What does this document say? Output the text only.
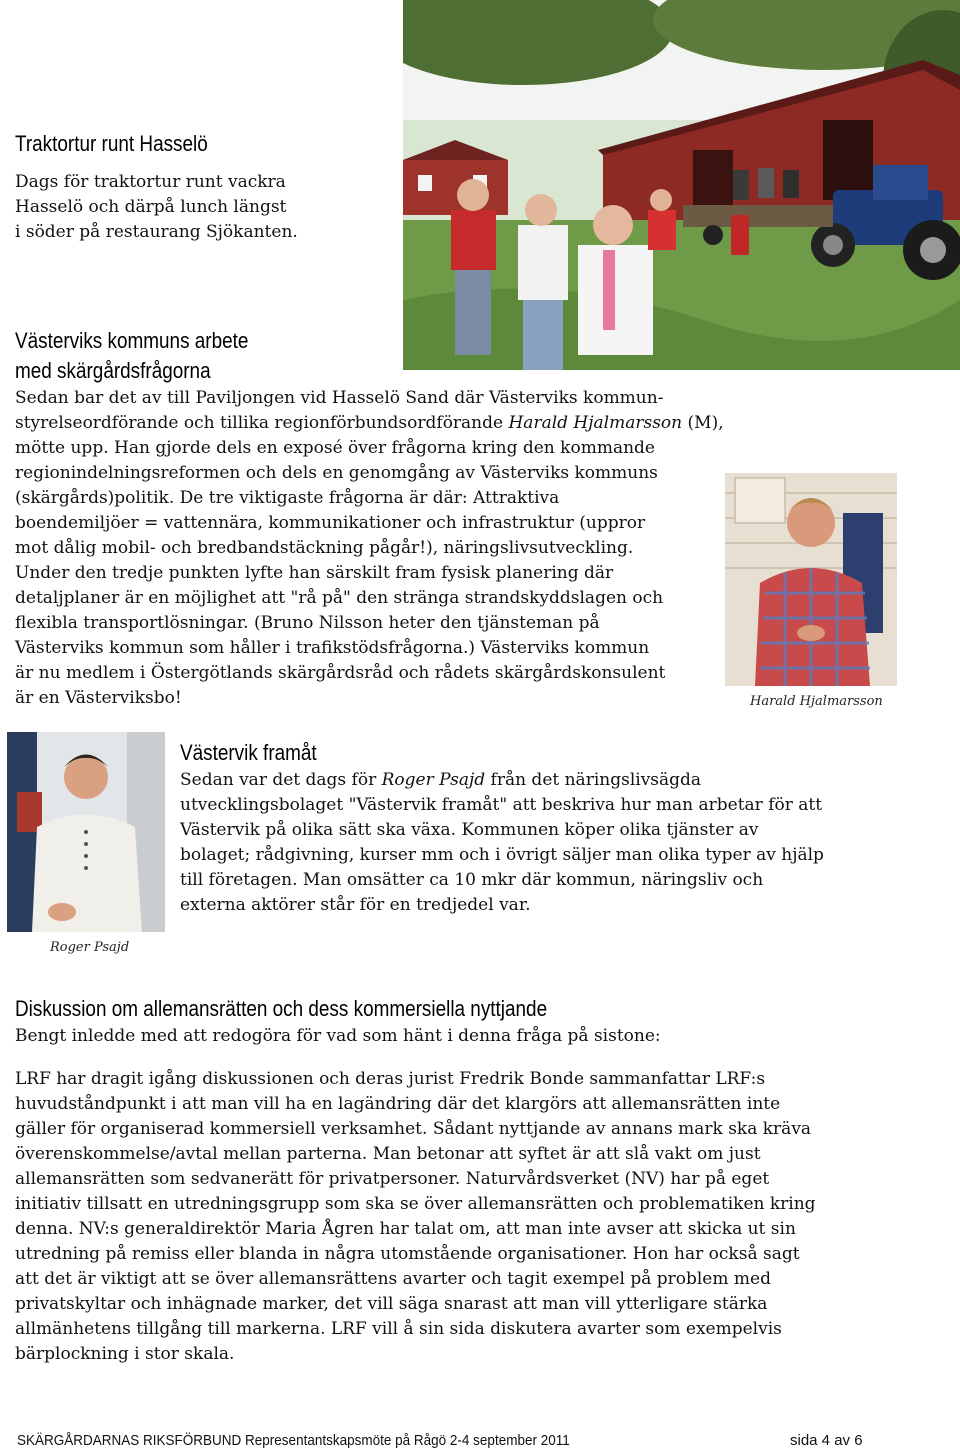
Traktortur runt Hasselö
Dags för traktortur runt vackra
Hasselö och därpå lunch längst
i söder på restaurang Sjökanten.
Västerviks kommuns arbete
med skärgårdsfrågorna
Sedan bar det av till Paviljongen vid Hasselö Sand där Västerviks kommun-
styrelseordförande och tillika regionförbundsordförande Harald Hjalmarsson (M),
mötte upp. Han gjorde dels en exposé över frågorna kring den kommande
regionindelningsreformen och dels en genomgång av Västerviks kommuns
(skärgårds)politik. De tre viktigaste frågorna är där: Attraktiva
boendemiljöer = vattennära, kommunikationer och infrastruktur (uppror
mot dålig mobil- och bredbandstäckning pågår!), näringslivsutveckling.
Under den tredje punkten lyfte han särskilt fram fysisk planering där
detaljplaner är en möjlighet att "rå på" den stränga strandskyddslagen och
flexibla transportlösningar. (Bruno Nilsson heter den tjänsteman på
Västerviks kommun som håller i trafikstödsfrågorna.) Västerviks kommun
är nu medlem i Östergötlands skärgårdsråd och rådets skärgårdskonsulent
är en Västerviksbo!	Harald Hjalmarsson
Roger Psajd
Västervik framåt
Sedan var det dags för Roger Psajd från det näringslivsägda
utvecklingsbolaget "Västervik framåt" att beskriva hur man arbetar för att
Västervik på olika sätt ska växa. Kommunen köper olika tjänster av
bolaget; rådgivning, kurser mm och i övrigt säljer man olika typer av hjälp
till företagen. Man omsätter ca 10 mkr där kommun, näringsliv och
externa aktörer står för en tredjedel var.
Diskussion om allemansrätten och dess kommersiella nyttjande
Bengt inledde med att redogöra för vad som hänt i denna fråga på sistone:
LRF har dragit igång diskussionen och deras jurist Fredrik Bonde sammanfattar LRF:s
huvudståndpunkt i att man vill ha en lagändring där det klargörs att allemansrätten inte
gäller för organiserad kommersiell verksamhet. Sådant nyttjande av annans mark ska kräva
överenskommelse/avtal mellan parterna. Man betonar att syftet är att slå vakt om just
allemansrätten som sedvanerätt för privatpersoner. Naturvårdsverket (NV) har på eget
initiativ tillsatt en utredningsgrupp som ska se över allemansrätten och problematiken kring
denna. NV:s generaldirektör Maria Ågren har talat om, att man inte avser att skicka ut sin
utredning på remiss eller blanda in några utomstående organisationer. Hon har också sagt
att det är viktigt att se över allemansrättens avarter och tagit exempel på problem med
privatskyltar och inhägnade marker, det vill säga snarast att man vill ytterligare stärka
allmänhetens tillgång till markerna. LRF vill å sin sida diskutera avarter som exempelvis
bärplockning i stor skala.
SKÄRGÅRDARNAS RIKSFÖRBUND Representantskapsmöte på Rågö 2-4 september 2011	sida 4 av 6
